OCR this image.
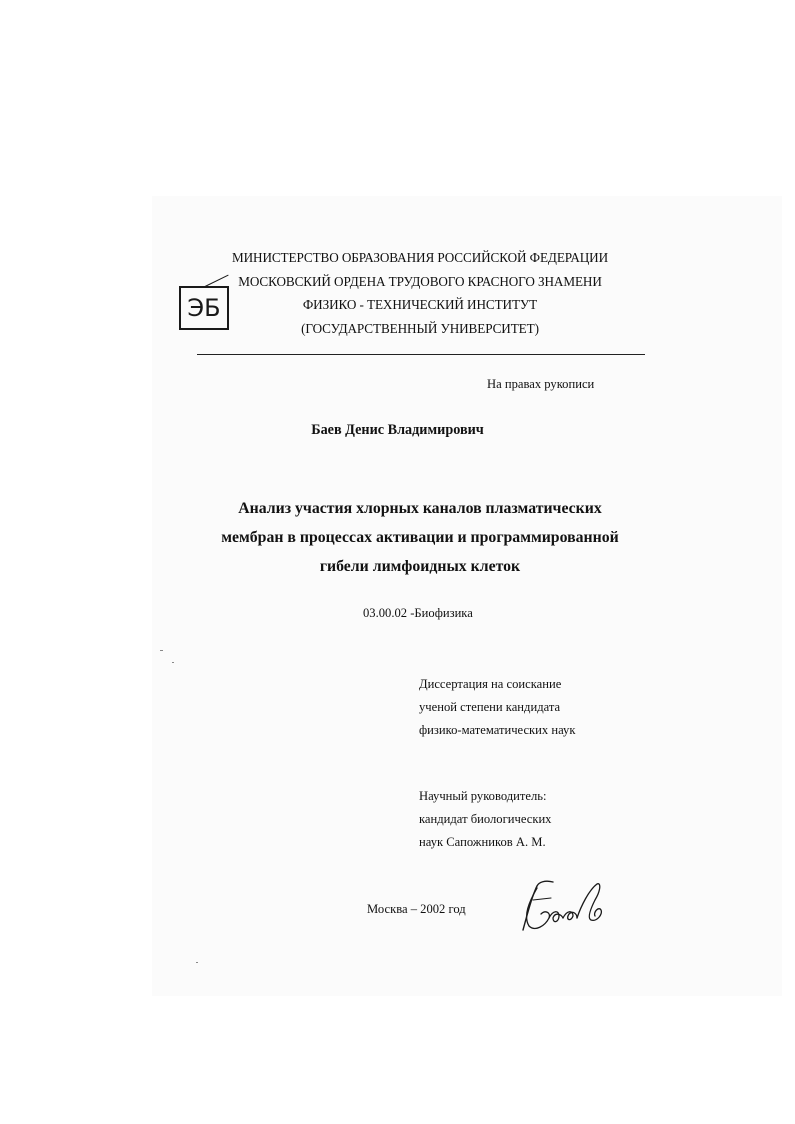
МИНИСТЕРСТВО ОБРАЗОВАНИЯ РОССИЙСКОЙ ФЕДЕРАЦИИ
МОСКОВСКИЙ ОРДЕНА ТРУДОВОГО КРАСНОГО ЗНАМЕНИ
ФИЗИКО - ТЕХНИЧЕСКИЙ ИНСТИТУТ
(ГОСУДАРСТВЕННЫЙ УНИВЕРСИТЕТ)
ЭБ
На правах рукописи
Баев Денис Владимирович
Анализ участия хлорных каналов плазматических
мембран в процессах активации и программированной
гибели лимфоидных клеток
03.00.02 -Биофизика
Диссертация на соискание
ученой степени кандидата
физико-математических наук
Научный руководитель:
кандидат биологических
наук Сапожников А. М.
Москва – 2002 год
